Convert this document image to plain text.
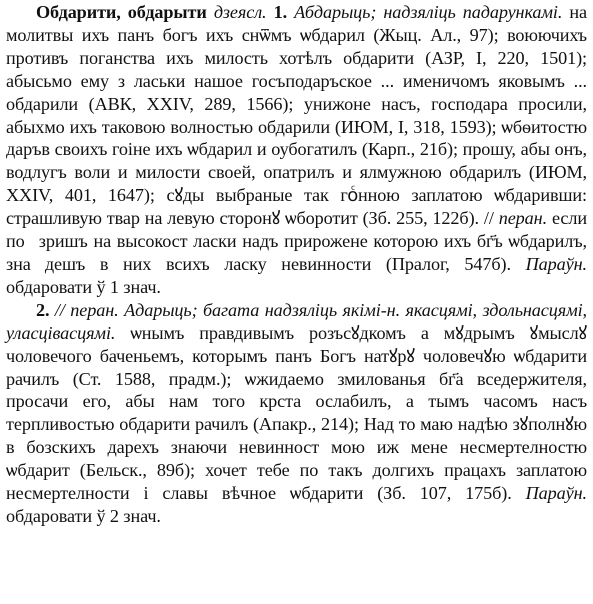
Обдарити, обдарыти дзеясл. 1. Абдарыць; надзяліць падарункамі. на молитвы ихъ панъ богъ ихъ снѿмъ ѡбдарил (Жыц. Ал., 97); воюючихъ противъ поганства ихъ милость хотѣлъ обдарити (АЗР, I, 220, 1501); абысьмо ему з ласьки нашое госъподаръское ... именичомъ яковымъ ... обдарили (АВК, XXIV, 289, 1566); унижоне насъ, господара просили, абыхмо ихъ таковою волностью обдарили (ИЮМ, I, 318, 1593); ѡбѳитостю даръв своихъ гоіне ихъ ѡбдарил и оубогатилъ (Карп., 21б); прошу, абы онъ, водлугъ воли и милости своей, опатрилъ и ялмужною обдарилъ (ИЮМ, XXIV, 401, 1647); сꙋды выбраные так гоⷭнною заплатою ѡбдаривши: страшливую твар на левую сторонꙋ ѡборотит (Зб. 255, 122б). // перан. если поⷭзришъ на высокост ласки надъ прирожене которою ихъ бг҃ъ ѡбдарилъ, знаⷭдешъ в них всихъ ласку невинности (Пралог, 547б). Параўн. обдаровати ў 1 знач.

2. // перан. Адарыць; багата надзяліць якімі-н. якасцямі, здольнасцямі, уласцівасцямі. ѡнымъ правдивымъ розъсꙋдкомъ а мꙋдрымъ ꙋмыслꙋ чоловечого баченьемъ, которымъ панъ Богъ натꙋрꙋ чоловечꙋю ѡбдарити рачилъ (Ст. 1588, прадм.); ѡжидаемо змилованья бг҃а вседержителя, просачи его, абы нам того крста ослабилъ, а тымъ часомъ насъ терпливостью обдарити рачилъ (Апакр., 214); Над то маю надѣю зꙋполнꙋю в бозскихъ дарехъ знаючи невинност мою иж мене несмертелностю ѡбдарит (Бельск., 89б); хочет тебе по такъ долгихъ працахъ заплатою несмертелности і славы вѣчное ѡбдарити (Зб. 107, 175б). Параўн. обдаровати ў 2 знач.
